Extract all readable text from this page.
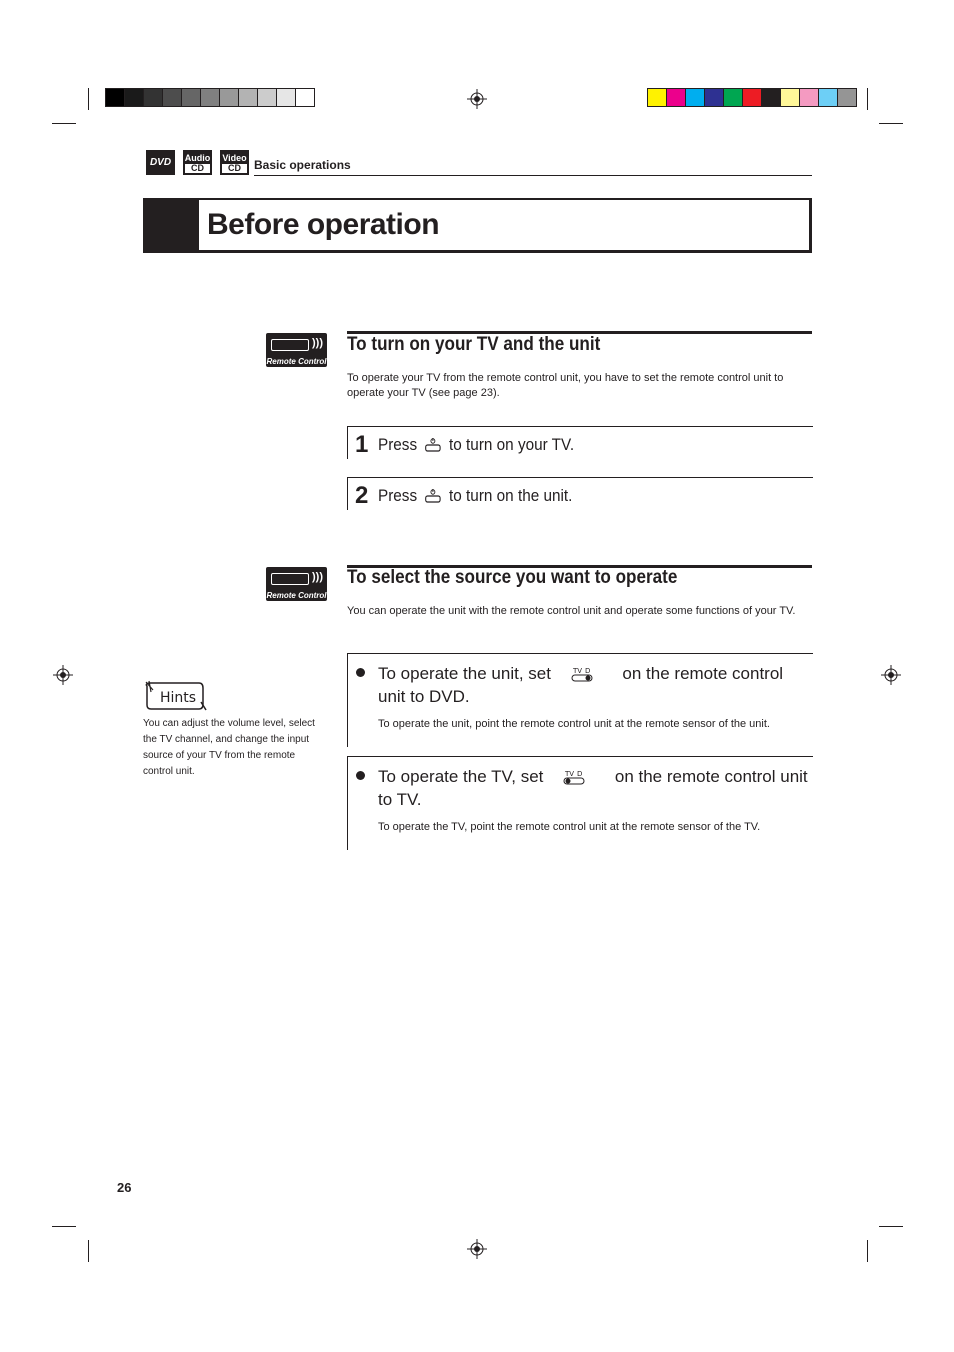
DVD	Audio
CD
Video
CD	Basic operations
Before operation
)))
Remote Control
To turn on your TV and the unit
To operate your TV from the remote control unit, you have to set the remote control unit to operate your TV (see page 23).
1 Press to turn on your TV.
2 Press to turn on the unit.
)))
Remote Control
To select the source you want to operate
You can operate the unit with the remote control unit and operate some functions of your TV.
To operate the unit, set	TV D on the remote control unit to DVD.
To operate the unit, point the remote control unit at the remote sensor of the unit.
To operate the TV, set	TV D on the remote control unit to TV.
To operate the TV, point the remote control unit at the remote sensor of the TV.
Hints
You can adjust the volume level, select the TV channel, and change the input source of your TV from the remote control unit.
26
